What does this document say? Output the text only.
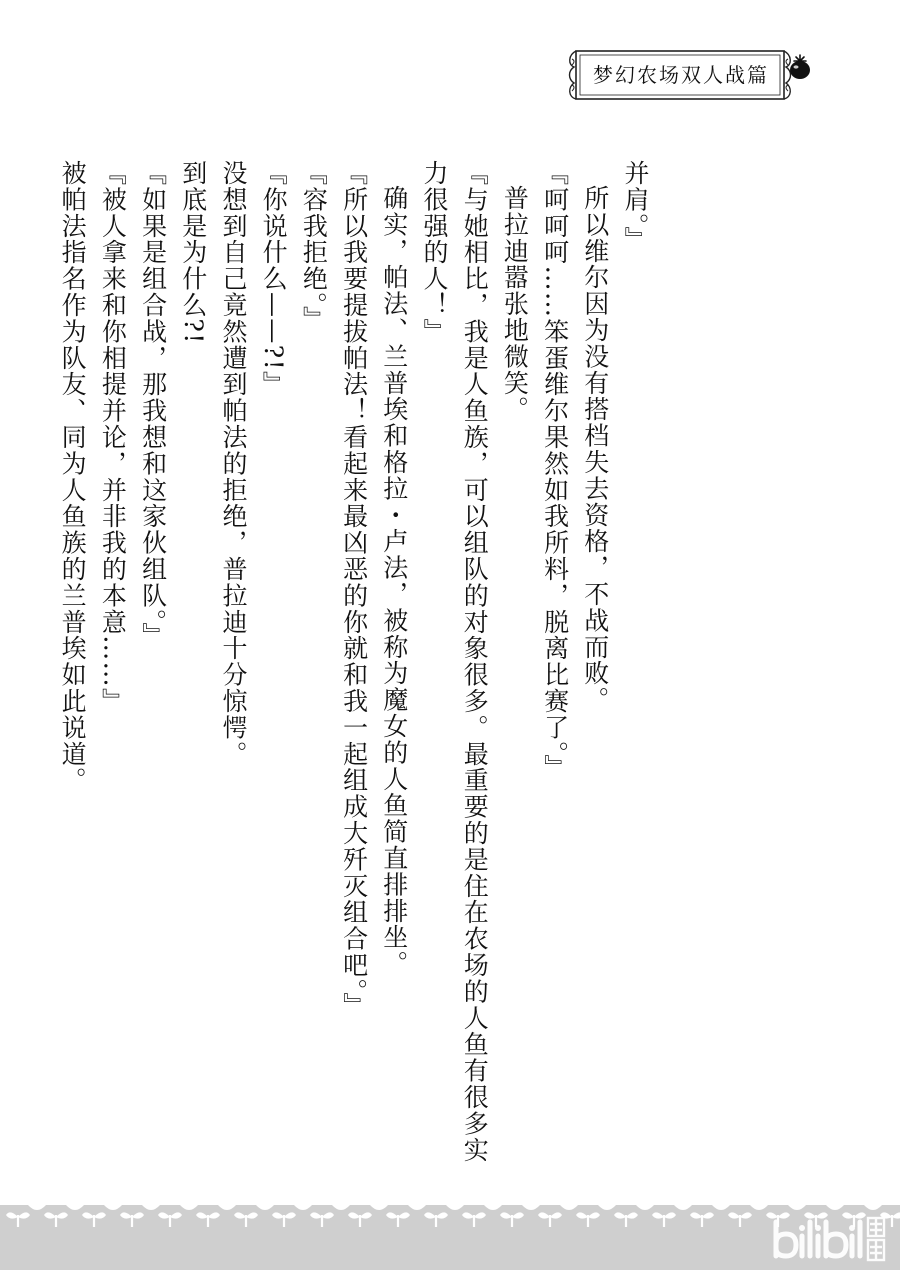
梦幻农场双人战篇

并肩。』

所以维尔因为没有搭档失去资格，不战而败。

『呵呵呵……笨蛋维尔果然如我所料，脱离比赛了。』

普拉迪嚣张地微笑。

『与她相比，我是人鱼族，可以组队的对象很多。最重要的是住在农场的人鱼有很多实

力很强的人！』

确实，帕法、兰普埃和格拉・卢法，被称为魔女的人鱼简直排排坐。

『所以我要提拔帕法！看起来最凶恶的你就和我一起组成大歼灭组合吧。』

『容我拒绝。』

『你说什么——?!』

没想到自己竟然遭到帕法的拒绝，普拉迪十分惊愕。

到底是为什么?!

『如果是组合战，那我想和这家伙组队。』

『被人拿来和你相提并论，并非我的本意……』

被帕法指名作为队友、同为人鱼族的兰普埃如此说道。
